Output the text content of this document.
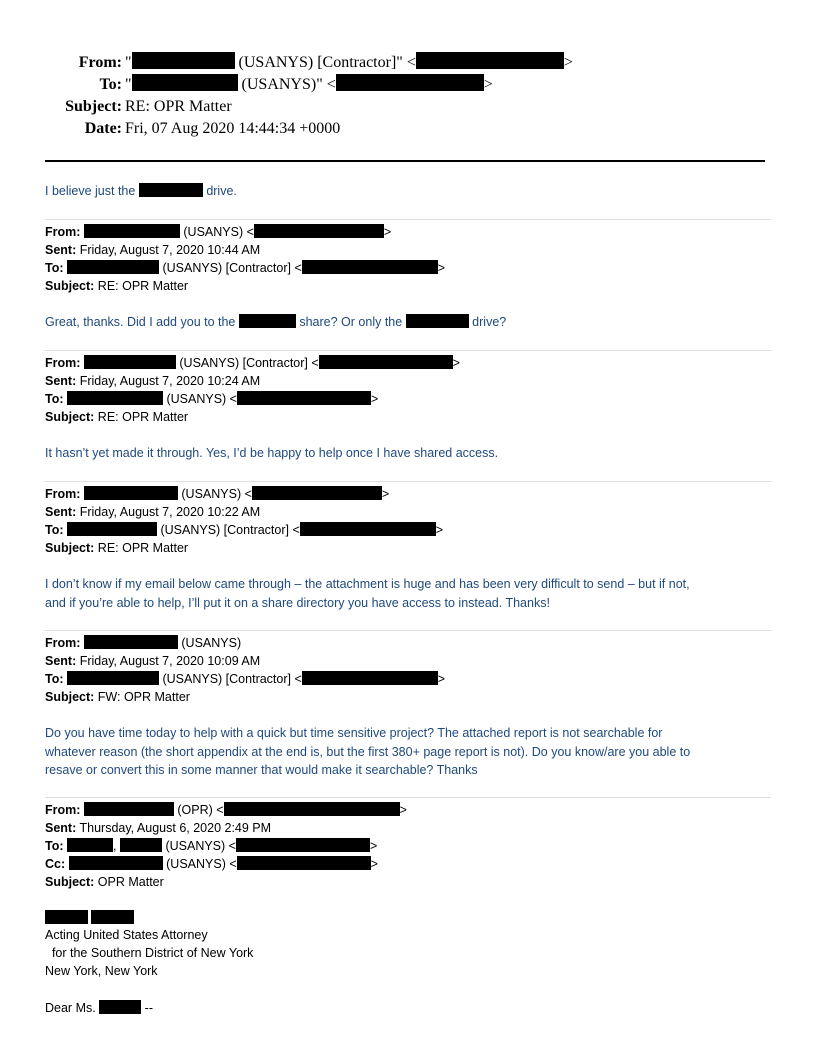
From: "	(USANYS) [Contractor]" <	>
To: "	(USANYS)" <	>
Subject: RE: OPR Matter
Date: Fri, 07 Aug 2020 14:44:34 +0000
I believe just the	drive.
From:	(USANYS) <	>
Sent: Friday, August 7, 2020 10:44 AM
To:	(USANYS) [Contractor] <	>
Subject: RE: OPR Matter
Great, thanks. Did I add you to the	share? Or only the	drive?
From:	(USANYS) [Contractor] <	>
Sent: Friday, August 7, 2020 10:24 AM
To:	(USANYS) <	>
Subject: RE: OPR Matter
It hasn’t yet made it through. Yes, I’d be happy to help once I have shared access.
From:	(USANYS) <	>
Sent: Friday, August 7, 2020 10:22 AM
To:	(USANYS) [Contractor] <	>
Subject: RE: OPR Matter
I don’t know if my email below came through – the attachment is huge and has been very difficult to send – but if not,
and if you’re able to help, I’ll put it on a share directory you have access to instead. Thanks!
From:	(USANYS)
Sent: Friday, August 7, 2020 10:09 AM
To:	(USANYS) [Contractor] <	>
Subject: FW: OPR Matter
Do you have time today to help with a quick but time sensitive project? The attached report is not searchable for
whatever reason (the short appendix at the end is, but the first 380+ page report is not). Do you know/are you able to
resave or convert this in some manner that would make it searchable? Thanks
From:	(OPR) <	>
Sent: Thursday, August 6, 2020 2:49 PM
To:	,	(USANYS) <	>
Cc:	(USANYS) <	>
Subject: OPR Matter

Acting United States Attorney
for the Southern District of New York
New York, New York
Dear Ms.	--
